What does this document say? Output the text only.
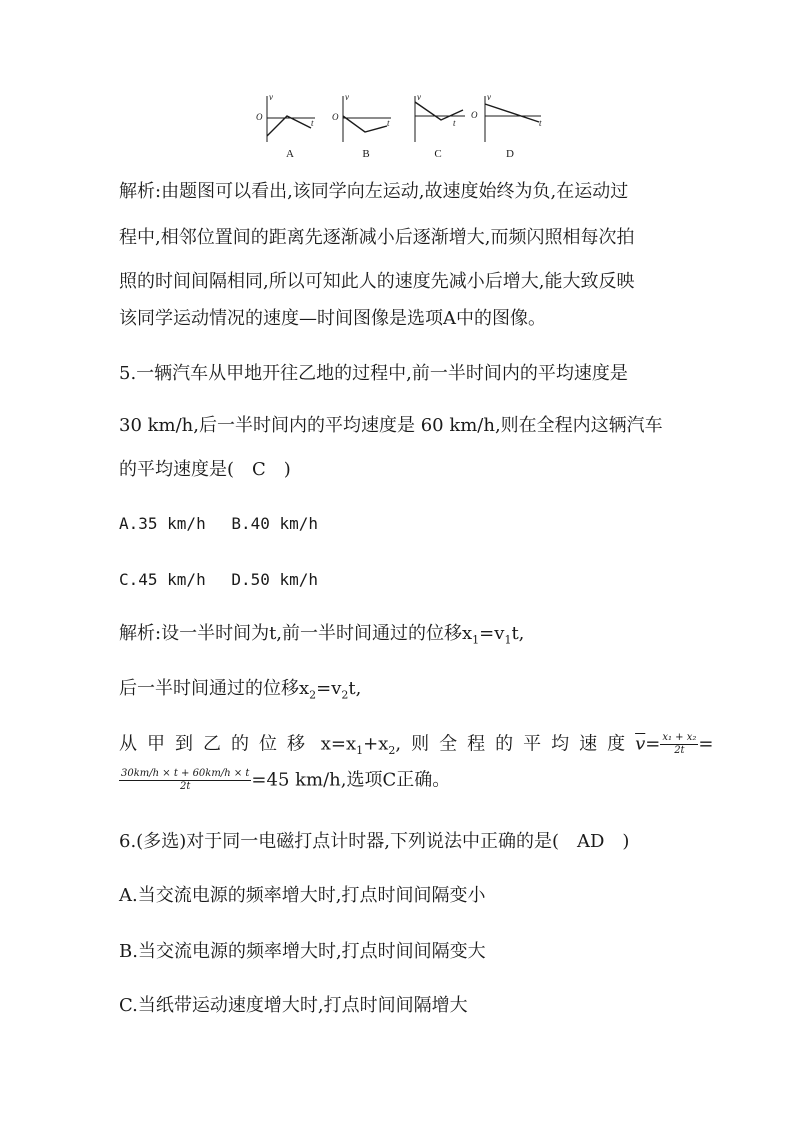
v
O
t
A
v
O
t
B
v
t
C
v
O
t
D
解析:由题图可以看出,该同学向左运动,故速度始终为负,在运动过
程中,相邻位置间的距离先逐渐减小后逐渐增大,而频闪照相每次拍
照的时间间隔相同,所以可知此人的速度先减小后增大,能大致反映
该同学运动情况的速度—时间图像是选项A中的图像。
5.一辆汽车从甲地开往乙地的过程中,前一半时间内的平均速度是
30 km/h,后一半时间内的平均速度是 60 km/h,则在全程内这辆汽车
的平均速度是(　C　)
A.35 km/h　 B.40 km/h
C.45 km/h　 D.50 km/h
解析:设一半时间为t,前一半时间通过的位移$x_1=v_1t$,
后一半时间通过的位移$x_2=v_2t$,
从甲到乙的位移 $x=x_1+x_2$,则全程的平均速度$\overline{v}= \frac{\text{x₁ + x₂}}{2t}$ =
$\frac{30km/h \times t + 60km/h \times t}{2t} =45$ km/h,选项C正确。
6.(多选)对于同一电磁打点计时器,下列说法中正确的是(　AD　)
A.当交流电源的频率增大时,打点时间间隔变小
B.当交流电源的频率增大时,打点时间间隔变大
C.当纸带运动速度增大时,打点时间间隔增大
